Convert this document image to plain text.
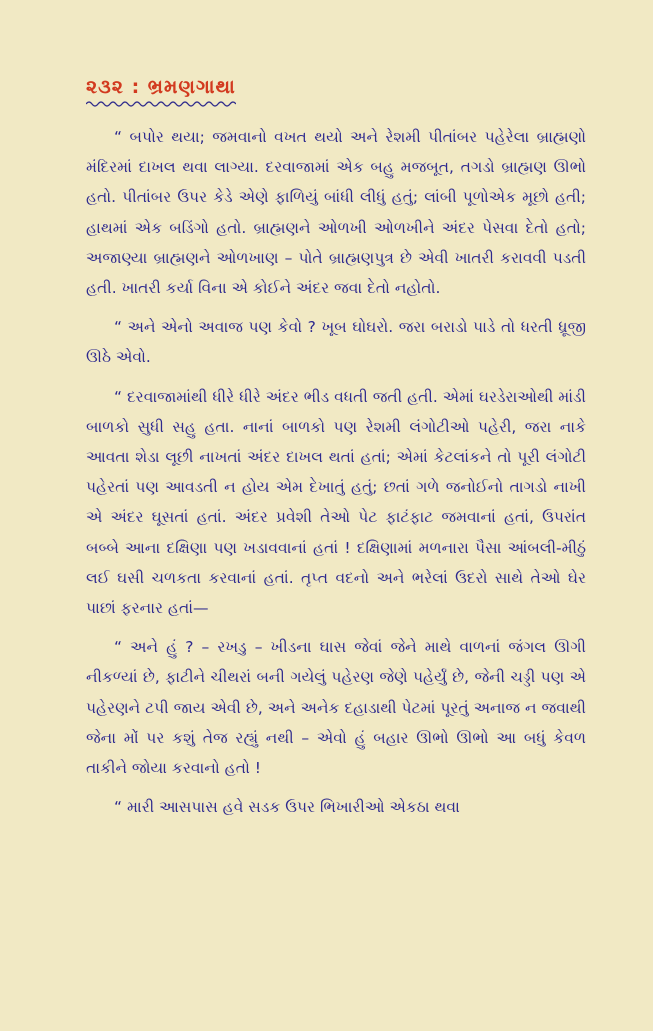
૨૩૨ : ભ્રમણગાથા

“ બપોર થયા; જમવાનો વખત થયો અને રેશમી પીતાંબર પહેરેલા બ્રાહ્મણો મંદિરમાં દાખલ થવા લાગ્યા. દરવાજામાં એક બહુ મજબૂત, તગડો બ્રાહ્મણ ઊભો હતો. પીતાંબર ઉપર કેડે એણે ફાળિયું બાંધી લીધું હતું; લાંબી પૂળોએક મૂછો હતી; હાથમાં એક બડિંગો હતો. બ્રાહ્મણને ઓળખી ઓળખીને અંદર પેસવા દેતો હતો; અજાણ્યા બ્રાહ્મણને ઓળખાણ – પોતે બ્રાહ્મણપુત્ર છે એવી ખાતરી કરાવવી પડતી હતી. ખાતરી કર્યા વિના એ કોઈને અંદર જવા દેતો નહોતો.

“ અને એનો અવાજ પણ કેવો ? ખૂબ ઘોઘરો. જરા બરાડો પાડે તો ધરતી ધ્રૂજી ઊઠે એવો.

“ દરવાજામાંથી ધીરે ધીરે અંદર ભીડ વધતી જતી હતી. એમાં ઘરડેરાઓથી માંડી બાળકો સુધી સહુ હતા. નાનાં બાળકો પણ રેશમી લંગોટીઓ પહેરી, જરા નાકે આવતા શેડા લૂછી નાખતાં અંદર દાખલ થતાં હતાં; એમાં કેટલાંકને તો પૂરી લંગોટી પહેરતાં પણ આવડતી ન હોય એમ દેખાતું હતું; છતાં ગળે જનોઈનો તાગડો નાખી એ અંદર ઘૂસતાં હતાં. અંદર પ્રવેશી તેઓ પેટ ફાટંફાટ જમવાનાં હતાં, ઉપરાંત બબ્બે આના દક્ષિણા પણ ખડાવવાનાં હતાં ! દક્ષિણામાં મળનારા પૈસા આંબલી-મીઠું લઈ ઘસી ચળકતા કરવાનાં હતાં. તૃપ્ત વદનો અને ભરેલાં ઉદરો સાથે તેઓ ઘેર પાછાં ફરનાર હતાં—

“ અને હું ? – રખડુ – ખીડના ઘાસ જેવાં જેને માથે વાળનાં જંગલ ઊગી નીકળ્યાં છે, ફાટીને ચીથરાં બની ગયેલું પહેરણ જેણે પહેર્યું છે, જેની ચડ્ડી પણ એ પહેરણને ટપી જાય એવી છે, અને અનેક દહાડાથી પેટમાં પૂરતું અનાજ ન જવાથી જેના મોં પર કશું તેજ રહ્યું નથી – એવો હું બહાર ઊભો ઊભો આ બધું કેવળ તાકીને જોયા કરવાનો હતો !

“ મારી આસપાસ હવે સડક ઉપર ભિખારીઓ એકઠા થવા
